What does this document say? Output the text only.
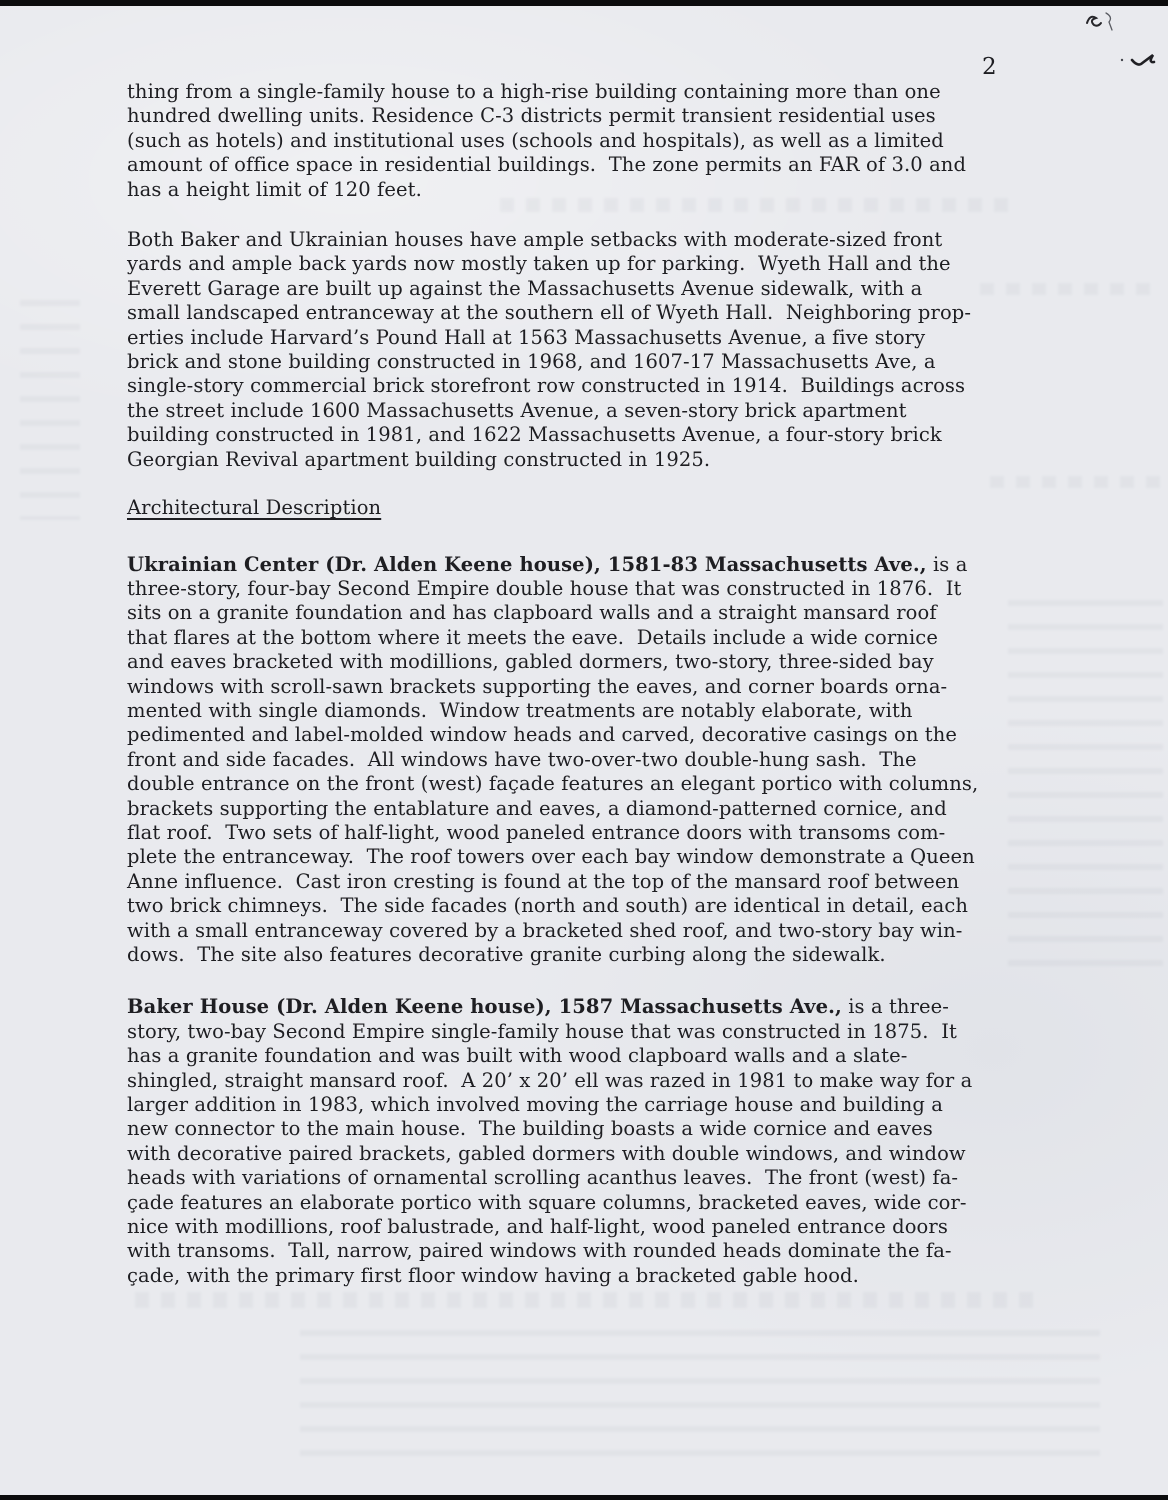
2
thing from a single-family house to a high-rise building containing more than one
hundred dwelling units. Residence C-3 districts permit transient residential uses
(such as hotels) and institutional uses (schools and hospitals), as well as a limited
amount of office space in residential buildings.  The zone permits an FAR of 3.0 and
has a height limit of 120 feet.
Both Baker and Ukrainian houses have ample setbacks with moderate-sized front
yards and ample back yards now mostly taken up for parking.  Wyeth Hall and the
Everett Garage are built up against the Massachusetts Avenue sidewalk, with a
small landscaped entranceway at the southern ell of Wyeth Hall.  Neighboring prop-
erties include Harvard’s Pound Hall at 1563 Massachusetts Avenue, a five story
brick and stone building constructed in 1968, and 1607-17 Massachusetts Ave, a
single-story commercial brick storefront row constructed in 1914.  Buildings across
the street include 1600 Massachusetts Avenue, a seven-story brick apartment
building constructed in 1981, and 1622 Massachusetts Avenue, a four-story brick
Georgian Revival apartment building constructed in 1925.
Architectural Description
Ukrainian Center (Dr. Alden Keene house), 1581-83 Massachusetts Ave., is a
three-story, four-bay Second Empire double house that was constructed in 1876.  It
sits on a granite foundation and has clapboard walls and a straight mansard roof
that flares at the bottom where it meets the eave.  Details include a wide cornice
and eaves bracketed with modillions, gabled dormers, two-story, three-sided bay
windows with scroll-sawn brackets supporting the eaves, and corner boards orna-
mented with single diamonds.  Window treatments are notably elaborate, with
pedimented and label-molded window heads and carved, decorative casings on the
front and side facades.  All windows have two-over-two double-hung sash.  The
double entrance on the front (west) façade features an elegant portico with columns,
brackets supporting the entablature and eaves, a diamond-patterned cornice, and
flat roof.  Two sets of half-light, wood paneled entrance doors with transoms com-
plete the entranceway.  The roof towers over each bay window demonstrate a Queen
Anne influence.  Cast iron cresting is found at the top of the mansard roof between
two brick chimneys.  The side facades (north and south) are identical in detail, each
with a small entranceway covered by a bracketed shed roof, and two-story bay win-
dows.  The site also features decorative granite curbing along the sidewalk.
Baker House (Dr. Alden Keene house), 1587 Massachusetts Ave., is a three-
story, two-bay Second Empire single-family house that was constructed in 1875.  It
has a granite foundation and was built with wood clapboard walls and a slate-
shingled, straight mansard roof.  A 20’ x 20’ ell was razed in 1981 to make way for a
larger addition in 1983, which involved moving the carriage house and building a
new connector to the main house.  The building boasts a wide cornice and eaves
with decorative paired brackets, gabled dormers with double windows, and window
heads with variations of ornamental scrolling acanthus leaves.  The front (west) fa-
çade features an elaborate portico with square columns, bracketed eaves, wide cor-
nice with modillions, roof balustrade, and half-light, wood paneled entrance doors
with transoms.  Tall, narrow, paired windows with rounded heads dominate the fa-
çade, with the primary first floor window having a bracketed gable hood.
